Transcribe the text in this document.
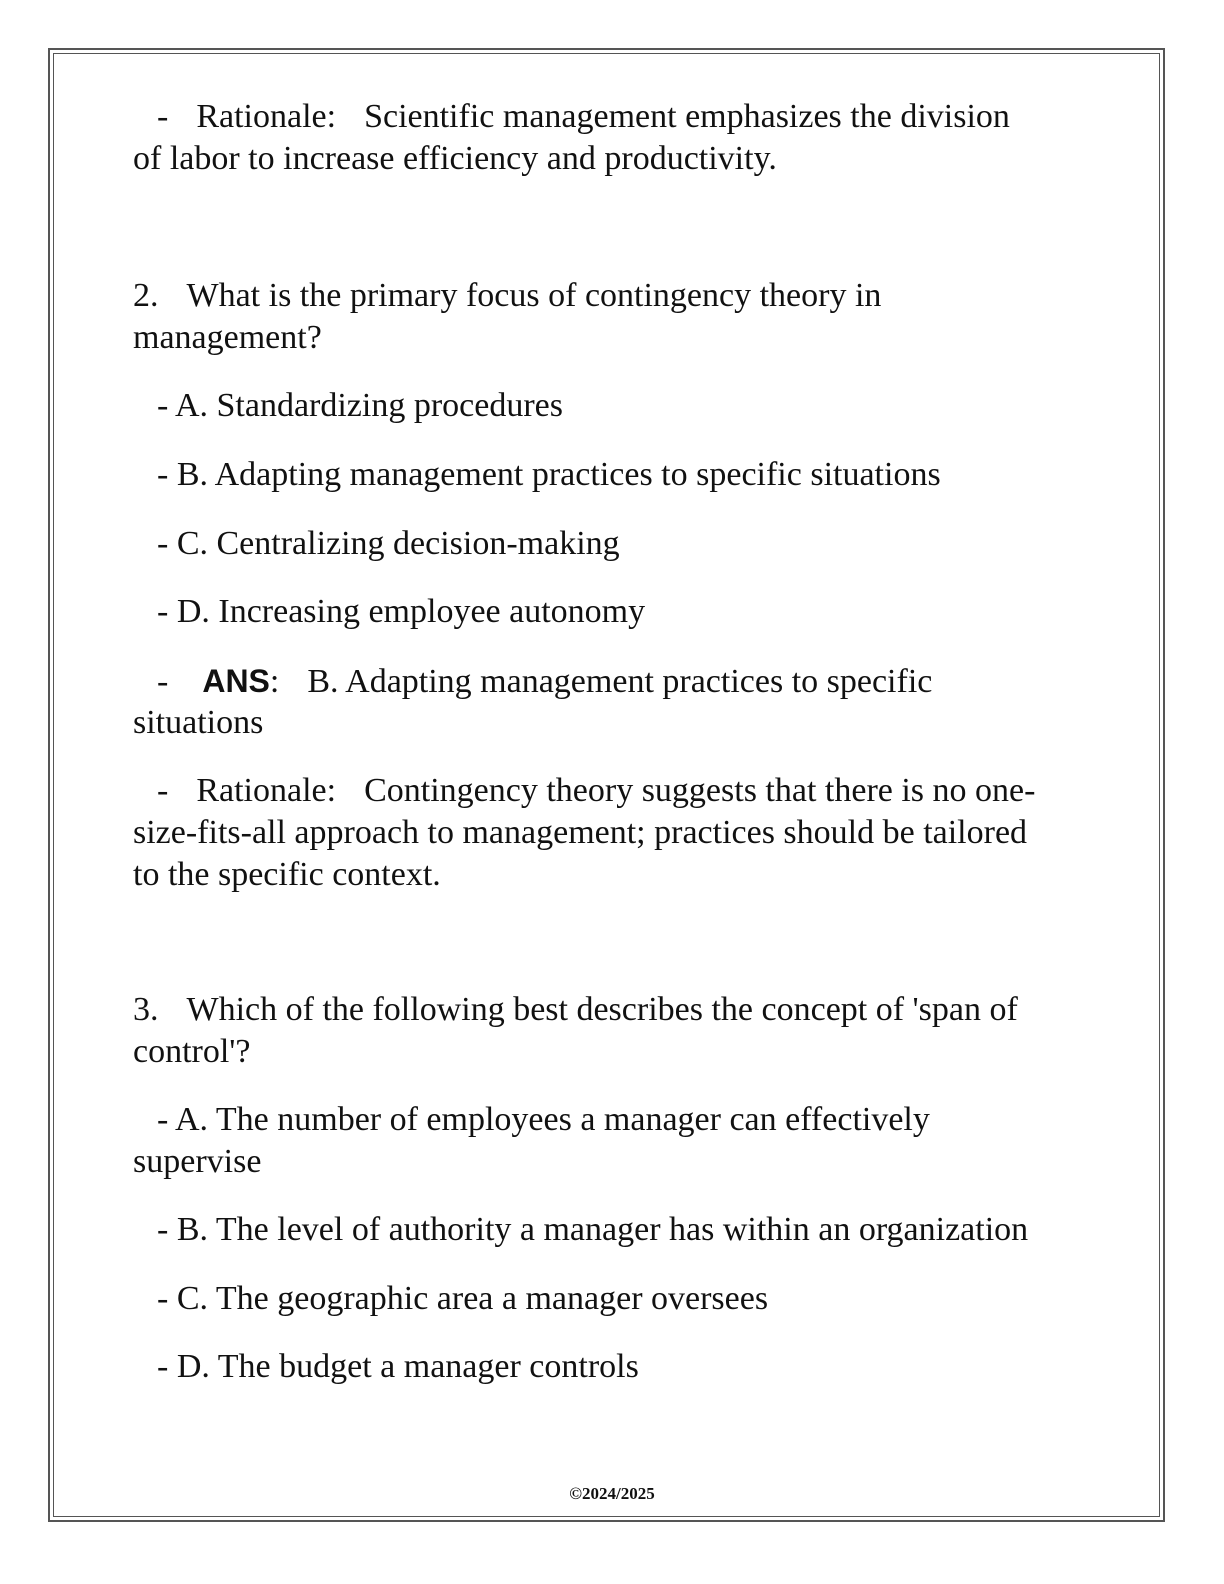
- Rationale: Scientific management emphasizes the division
of labor to increase efficiency and productivity.
2. What is the primary focus of contingency theory in
management?
- A. Standardizing procedures
- B. Adapting management practices to specific situations
- C. Centralizing decision-making
- D. Increasing employee autonomy
- ANS: B. Adapting management practices to specific
situations
- Rationale: Contingency theory suggests that there is no one-
size-fits-all approach to management; practices should be tailored
to the specific context.
3. Which of the following best describes the concept of 'span of
control'?
- A. The number of employees a manager can effectively
supervise
- B. The level of authority a manager has within an organization
- C. The geographic area a manager oversees
- D. The budget a manager controls
©2024/2025
